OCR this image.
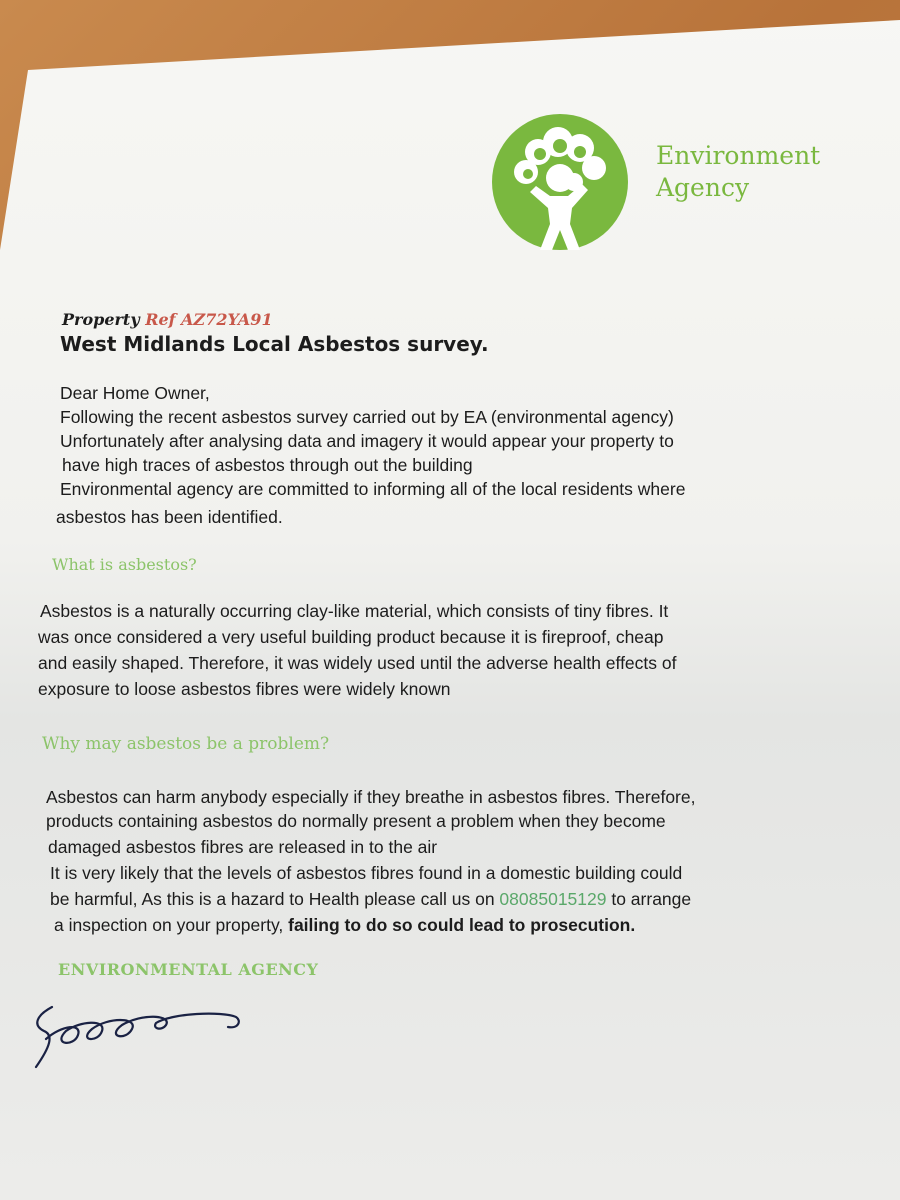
Environment
Agency
Property Ref AZ72YA91
West Midlands Local Asbestos survey.
Dear Home Owner,
Following the recent asbestos survey carried out by EA (environmental agency)
Unfortunately after analysing data and imagery it would appear your property to
have high traces of asbestos through out the building
Environmental agency are committed to informing all of the local residents where
asbestos has been identified.
What is asbestos?
Asbestos is a naturally occurring clay-like material, which consists of tiny fibres. It
was once considered a very useful building product because it is fireproof, cheap
and easily shaped. Therefore, it was widely used until the adverse health effects of
exposure to loose asbestos fibres were widely known
Why may asbestos be a problem?
Asbestos can harm anybody especially if they breathe in asbestos fibres. Therefore,
products containing asbestos do normally present a problem when they become
damaged asbestos fibres are released in to the air
It is very likely that the levels of asbestos fibres found in a domestic building could
be harmful, As this is a hazard to Health please call us on 08085015129 to arrange
a inspection on your property, failing to do so could lead to prosecution.
ENVIRONMENTAL AGENCY
